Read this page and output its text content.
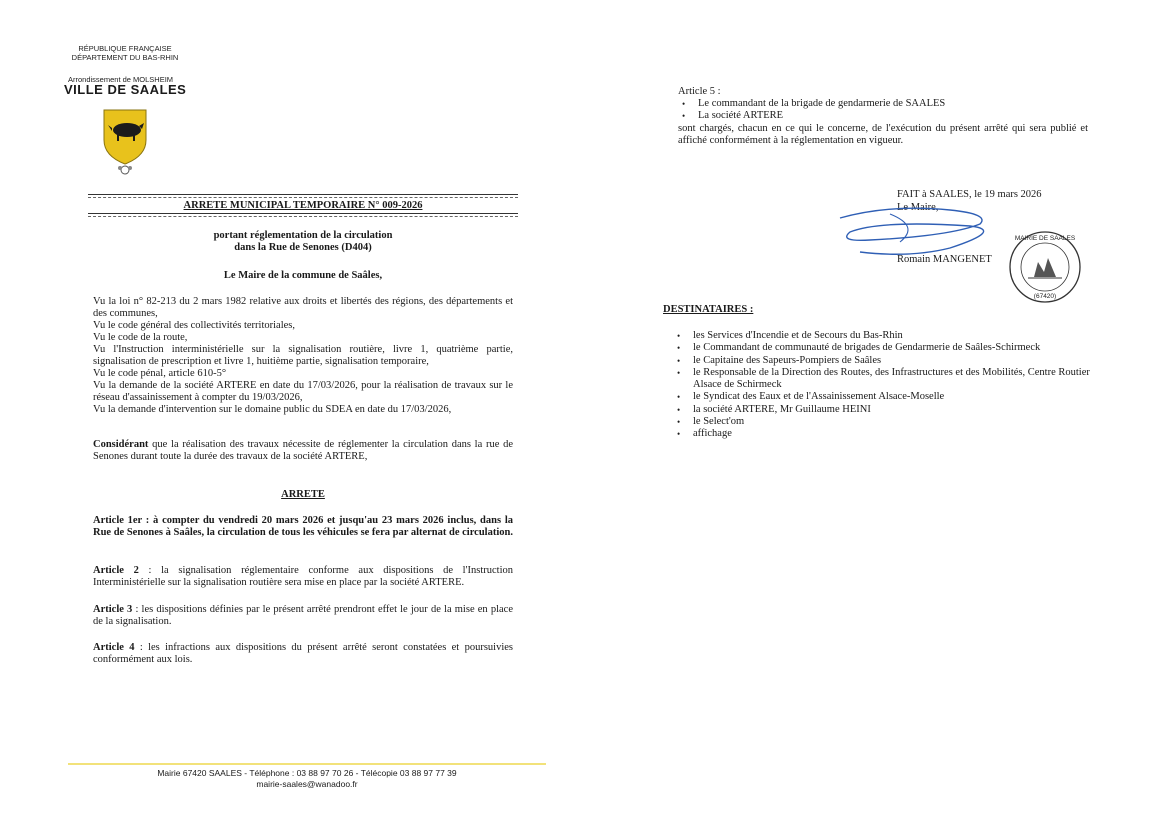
RÉPUBLIQUE FRANÇAISE
DÉPARTEMENT DU BAS-RHIN
Arrondissement de MOLSHEIM
VILLE DE SAALES
ARRETE MUNICIPAL TEMPORAIRE N° 009-2026
portant réglementation de la circulation
dans la Rue de Senones (D404)
Le Maire de la commune de Saâles,
Vu la loi n° 82-213 du 2 mars 1982 relative aux droits et libertés des régions, des départements et des communes,
Vu le code général des collectivités territoriales,
Vu le code de la route,
Vu l'Instruction interministérielle sur la signalisation routière, livre 1, quatrième partie, signalisation de prescription et livre 1, huitième partie, signalisation temporaire,
Vu le code pénal, article 610-5°
Vu la demande de la société ARTERE en date du 17/03/2026, pour la réalisation de travaux sur le réseau d'assainissement à compter du 19/03/2026,
Vu la demande d'intervention sur le domaine public du SDEA en date du 17/03/2026,
Considérant que la réalisation des travaux nécessite de réglementer la circulation dans la rue de Senones durant toute la durée des travaux de la société ARTERE,
ARRETE
Article 1er : à compter du vendredi 20 mars 2026 et jusqu'au 23 mars 2026 inclus, dans la Rue de Senones à Saâles, la circulation de tous les véhicules se fera par alternat de circulation.
Article 2 : la signalisation réglementaire conforme aux dispositions de l'Instruction Interministérielle sur la signalisation routière sera mise en place par la société ARTERE.
Article 3 : les dispositions définies par le présent arrêté prendront effet le jour de la mise en place de la signalisation.
Article 4 : les infractions aux dispositions du présent arrêté seront constatées et poursuivies conformément aux lois.
Mairie 67420 SAALES - Téléphone : 03 88 97 70 26 - Télécopie 03 88 97 77 39
mairie-saales@wanadoo.fr
Article 5 :
• Le commandant de la brigade de gendarmerie de SAALES
• La société ARTERE
sont chargés, chacun en ce qui le concerne, de l'exécution du présent arrêté qui sera publié et affiché conformément à la réglementation en vigueur.
FAIT à SAALES, le 19 mars 2026
Le Maire,
Romain MANGENET
MAIRIE DE SAALES
(67420)
DESTINATAIRES :
• les Services d'Incendie et de Secours du Bas-Rhin
• le Commandant de communauté de brigades de Gendarmerie de Saâles-Schirmeck
• le Capitaine des Sapeurs-Pompiers de Saâles
• le Responsable de la Direction des Routes, des Infrastructures et des Mobilités, Centre Routier Alsace de Schirmeck
• le Syndicat des Eaux et de l'Assainissement Alsace-Moselle
• la société ARTERE, Mr Guillaume HEINI
• le Select'om
• affichage
